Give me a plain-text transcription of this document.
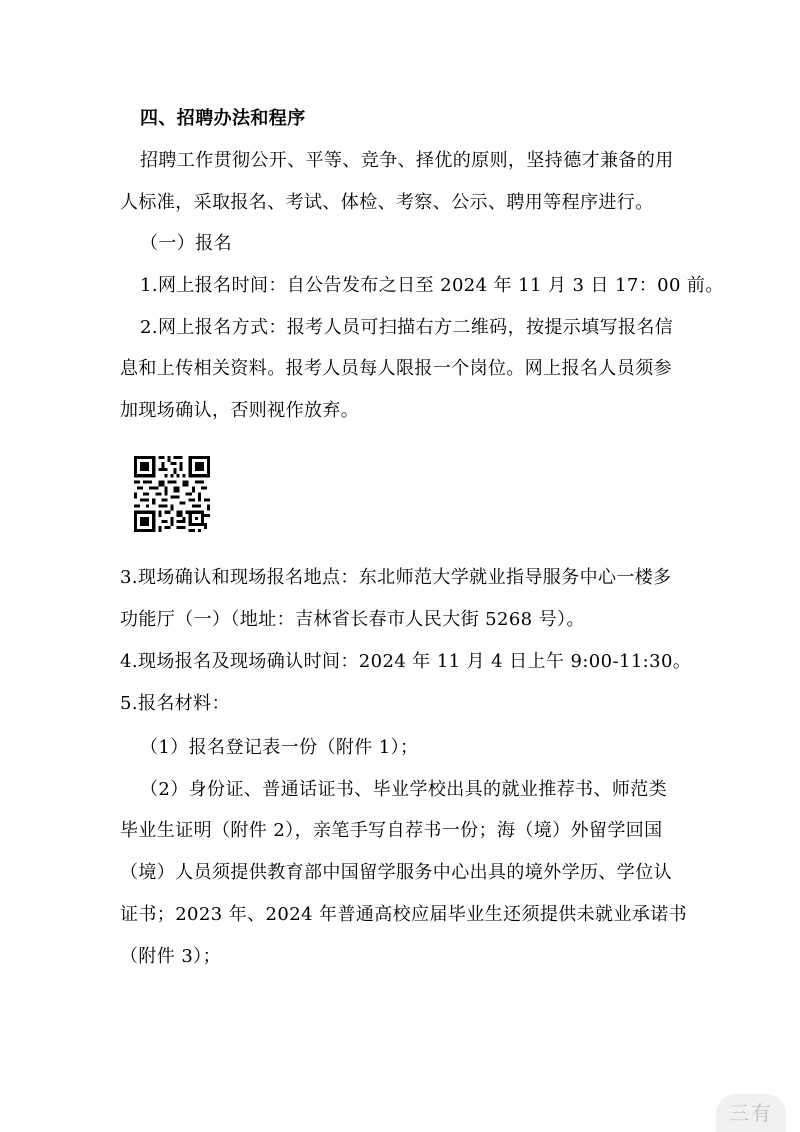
四、招聘办法和程序
招聘工作贯彻公开、平等、竞争、择优的原则，坚持德才兼备的用
人标准，采取报名、考试、体检、考察、公示、聘用等程序进行。
（一）报名
1.网上报名时间：自公告发布之日至 2024 年 11 月 3 日 17：00 前。
2.网上报名方式：报考人员可扫描右方二维码，按提示填写报名信
息和上传相关资料。报考人员每人限报一个岗位。网上报名人员须参
加现场确认，否则视作放弃。
3.现场确认和现场报名地点：东北师范大学就业指导服务中心一楼多
功能厅（一）（地址：吉林省长春市人民大街 5268 号）。
4.现场报名及现场确认时间：2024 年 11 月 4 日上午 9:00-11:30。
5.报名材料：
（1）报名登记表一份（附件 1）；
（2）身份证、普通话证书、毕业学校出具的就业推荐书、师范类
毕业生证明（附件 2），亲笔手写自荐书一份；海（境）外留学回国
（境）人员须提供教育部中国留学服务中心出具的境外学历、学位认
证书；2023 年、2024 年普通高校应届毕业生还须提供未就业承诺书
（附件 3）；
三有
